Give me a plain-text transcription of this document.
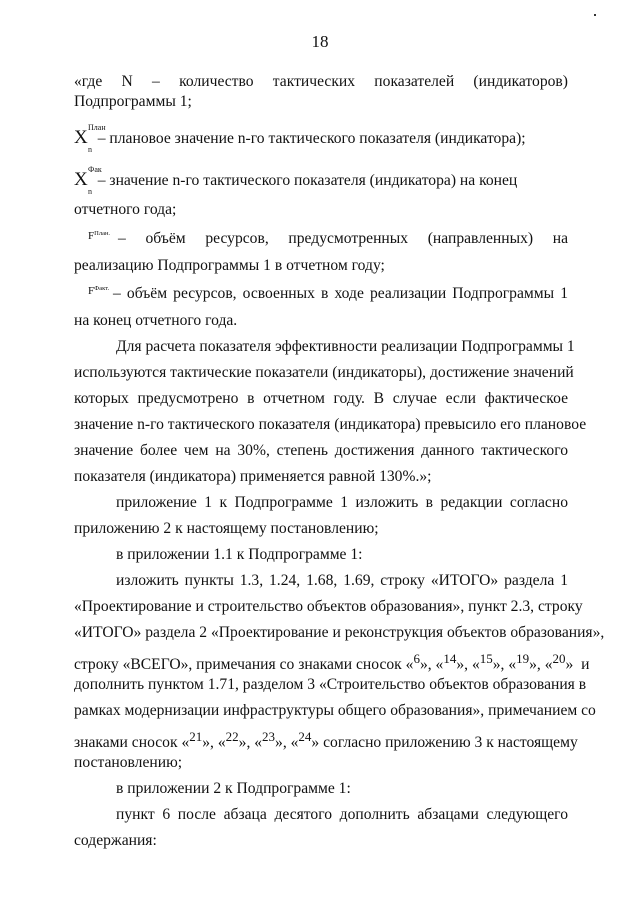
18
«где N – количество тактических показателей (индикаторов)
Подпрограммы 1;
X План
n
– плановое значение n-го тактического показателя (индикатора);
X Фак
n
– значение n-го тактического показателя (индикатора) на конец
отчетного года;
– объём ресурсов, предусмотренных (направленных) на
$F^{План.}$
реализацию Подпрограммы 1 в отчетном году;
$F^{Факт.}$ – объём ресурсов, освоенных в ходе реализации Подпрограммы 1
на конец отчетного года.
Для расчета показателя эффективности реализации Подпрограммы 1
используются тактические показатели (индикаторы), достижение значений
которых предусмотрено в отчетном году. В случае если фактическое
значение n-го тактического показателя (индикатора) превысило его плановое
значение более чем на 30%, степень достижения данного тактического
показателя (индикатора) применяется равной 130%.»;
приложение 1 к Подпрограмме 1 изложить в редакции согласно
приложению 2 к настоящему постановлению;
в приложении 1.1 к Подпрограмме 1:
изложить пункты 1.3, 1.24, 1.68, 1.69, строку «ИТОГО» раздела 1
«Проектирование и строительство объектов образования», пункт 2.3, строку
«ИТОГО» раздела 2 «Проектирование и реконструкция объектов образования»,
строку «ВСЕГО», примечания со знаками сносок «$^6$», «$^{14}$», «$^{15}$», «$^{19}$», «$^{20}$»  и
дополнить пунктом 1.71, разделом 3 «Строительство объектов образования в
рамках модернизации инфраструктуры общего образования», примечанием со
знаками сносок «$^{21}$», «$^{22}$», «$^{23}$», «$^{24}$» согласно приложению 3 к настоящему
постановлению;
в приложении 2 к Подпрограмме 1:
пункт 6 после абзаца десятого дополнить абзацами следующего
содержания:
